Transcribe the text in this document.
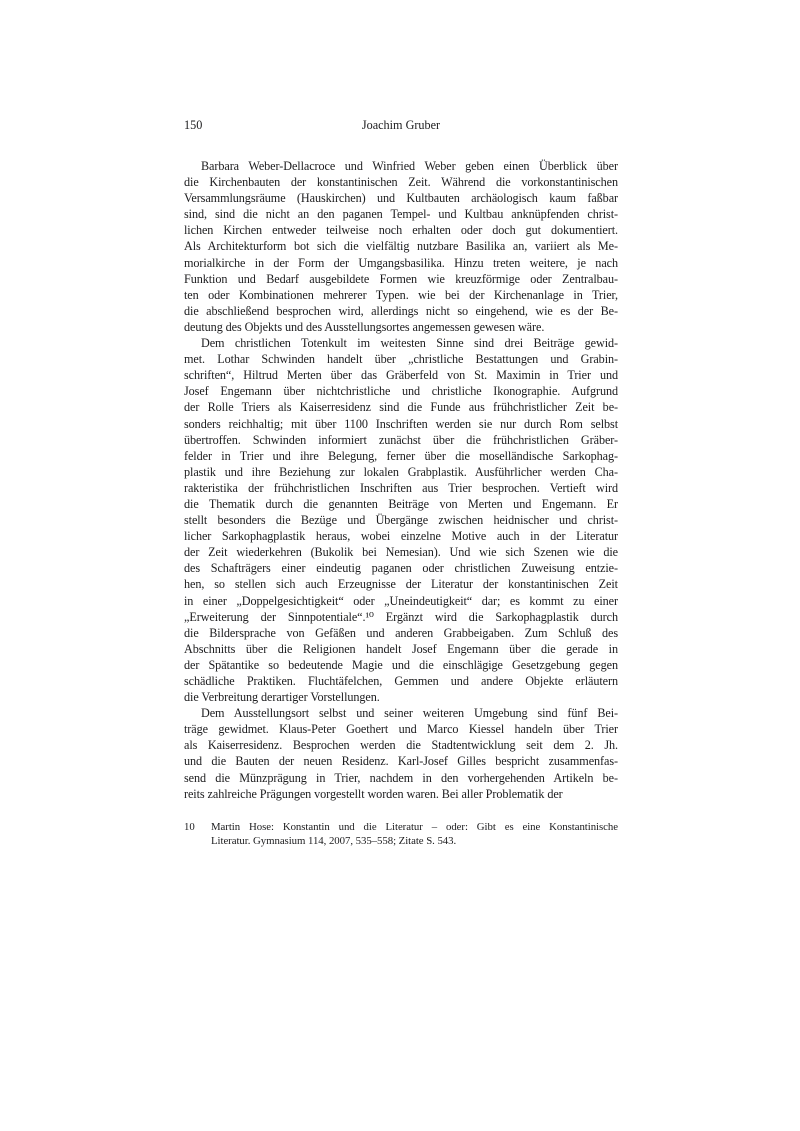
150	Joachim Gruber
Barbara Weber-Dellacroce und Winfried Weber geben einen Überblick über
die Kirchenbauten der konstantinischen Zeit. Während die vorkonstantinischen
Versammlungsräume (Hauskirchen) und Kultbauten archäologisch kaum faßbar
sind, sind die nicht an den paganen Tempel- und Kultbau anknüpfenden christ-
lichen Kirchen entweder teilweise noch erhalten oder doch gut dokumentiert.
Als Architekturform bot sich die vielfältig nutzbare Basilika an, variiert als Me-
morialkirche in der Form der Umgangsbasilika. Hinzu treten weitere, je nach
Funktion und Bedarf ausgebildete Formen wie kreuzförmige oder Zentralbau-
ten oder Kombinationen mehrerer Typen. wie bei der Kirchenanlage in Trier,
die abschließend besprochen wird, allerdings nicht so eingehend, wie es der Be-
deutung des Objekts und des Ausstellungsortes angemessen gewesen wäre.
Dem christlichen Totenkult im weitesten Sinne sind drei Beiträge gewid-
met. Lothar Schwinden handelt über „christliche Bestattungen und Grabin-
schriften“, Hiltrud Merten über das Gräberfeld von St. Maximin in Trier und
Josef Engemann über nichtchristliche und christliche Ikonographie. Aufgrund
der Rolle Triers als Kaiserresidenz sind die Funde aus frühchristlicher Zeit be-
sonders reichhaltig; mit über 1100 Inschriften werden sie nur durch Rom selbst
übertroffen. Schwinden informiert zunächst über die frühchristlichen Gräber-
felder in Trier und ihre Belegung, ferner über die moselländische Sarkophag-
plastik und ihre Beziehung zur lokalen Grabplastik. Ausführlicher werden Cha-
rakteristika der frühchristlichen Inschriften aus Trier besprochen. Vertieft wird
die Thematik durch die genannten Beiträge von Merten und Engemann. Er
stellt besonders die Bezüge und Übergänge zwischen heidnischer und christ-
licher Sarkophagplastik heraus, wobei einzelne Motive auch in der Literatur
der Zeit wiederkehren (Bukolik bei Nemesian). Und wie sich Szenen wie die
des Schafträgers einer eindeutig paganen oder christlichen Zuweisung entzie-
hen, so stellen sich auch Erzeugnisse der Literatur der konstantinischen Zeit
in einer „Doppelgesichtigkeit“ oder „Uneindeutigkeit“ dar; es kommt zu einer
„Erweiterung der Sinnpotentiale“.¹⁰ Ergänzt wird die Sarkophagplastik durch
die Bildersprache von Gefäßen und anderen Grabbeigaben. Zum Schluß des
Abschnitts über die Religionen handelt Josef Engemann über die gerade in
der Spätantike so bedeutende Magie und die einschlägige Gesetzgebung gegen
schädliche Praktiken. Fluchtäfelchen, Gemmen und andere Objekte erläutern
die Verbreitung derartiger Vorstellungen.
Dem Ausstellungsort selbst und seiner weiteren Umgebung sind fünf Bei-
träge gewidmet. Klaus-Peter Goethert und Marco Kiessel handeln über Trier
als Kaiserresidenz. Besprochen werden die Stadtentwicklung seit dem 2. Jh.
und die Bauten der neuen Residenz. Karl-Josef Gilles bespricht zusammenfas-
send die Münzprägung in Trier, nachdem in den vorhergehenden Artikeln be-
reits zahlreiche Prägungen vorgestellt worden waren. Bei aller Problematik der
10	Martin Hose: Konstantin und die Literatur – oder: Gibt es eine Konstantinische
Literatur. Gymnasium 114, 2007, 535–558; Zitate S. 543.
